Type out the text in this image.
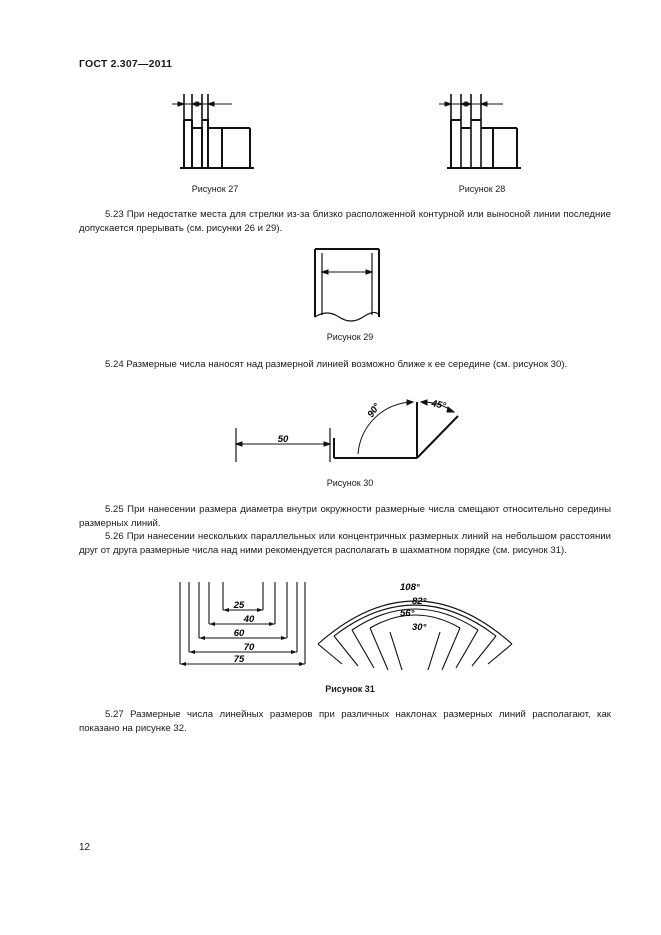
ГОСТ 2.307—2011
Рисунок 27	Рисунок 28
5.23 При недостатке места для стрелки из-за близко расположенной контурной или выносной линии последние допускается прерывать (см. рисунки 26 и 29).
Рисунок 29
5.24 Размерные числа наносят над размерной линией возможно ближе к ее середине (см. рисунок 30).
50
90°	45°
Рисунок 30
5.25 При нанесении размера диаметра внутри окружности размерные числа смещают относительно середины размерных линий.
5.26 При нанесении нескольких параллельных или концентричных размерных линий на небольшом расстоянии друг от друга размерные числа над ними рекомендуется располагать в шахматном порядке (см. рисунок 31).
25
40
60
70
75
108°
82°
56°
30°
Рисунок 31
5.27 Размерные числа линейных размеров при различных наклонах размерных линий располагают, как показано на рисунке 32.
12
